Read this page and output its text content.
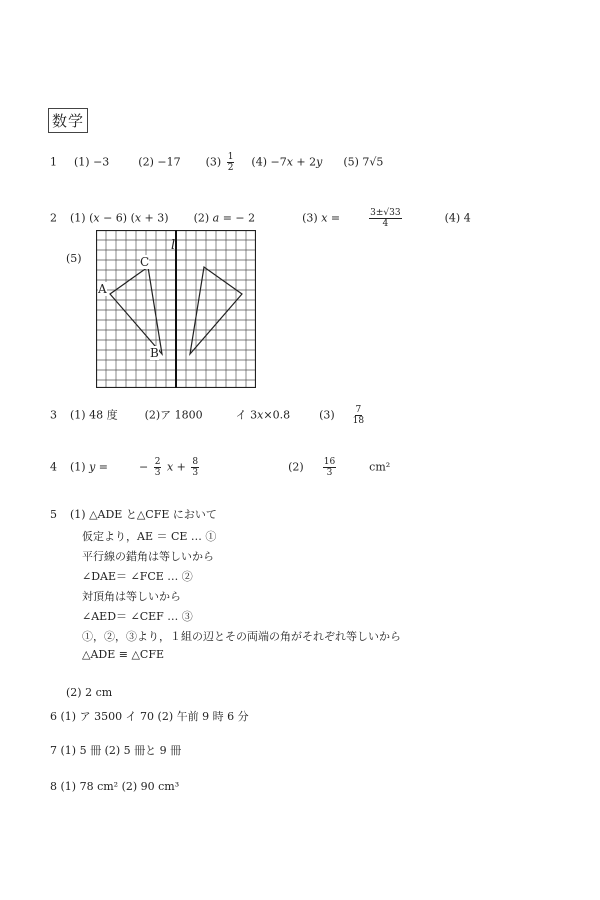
数学
1 (1) −3	(2) −17 $(3) \frac{1}{2} (4)$ −7𝑥 + 2𝑦 (5) 7√5
2 (1) (𝑥 − 6) (𝑥 + 3) (2) 𝑎 = − 2	(3) 𝑥 =	$\frac{3\pm√33}{4}$	(4) 4
(5)
l
C
A
B
3 (1) 48 度 (2)ア 1800	イ 3𝑥×0.8	$(3) \frac{7}{18}$
4 (1) 𝑦 =	− $\frac{2}{3}$ 𝑥 + $\frac{8}{3}$	$(2) \frac{16}{3}$	cm²
5 (1) △ADE と△CFE において
仮定より，AE ＝ CE … ①
平行線の錯角は等しいから
∠DAE＝ ∠FCE … ②
対頂角は等しいから
∠AED＝ ∠CEF … ③
①，②，③より，１組の辺とその両端の角がそれぞれ等しいから
△ADE ≡ △CFE
(2) 2 cm
6 (1) ア 3500 イ 70 (2) 午前 9 時 6 分
7 (1) 5 冊 (2) 5 冊と 9 冊
8 (1) 78 cm² (2) 90 cm³
